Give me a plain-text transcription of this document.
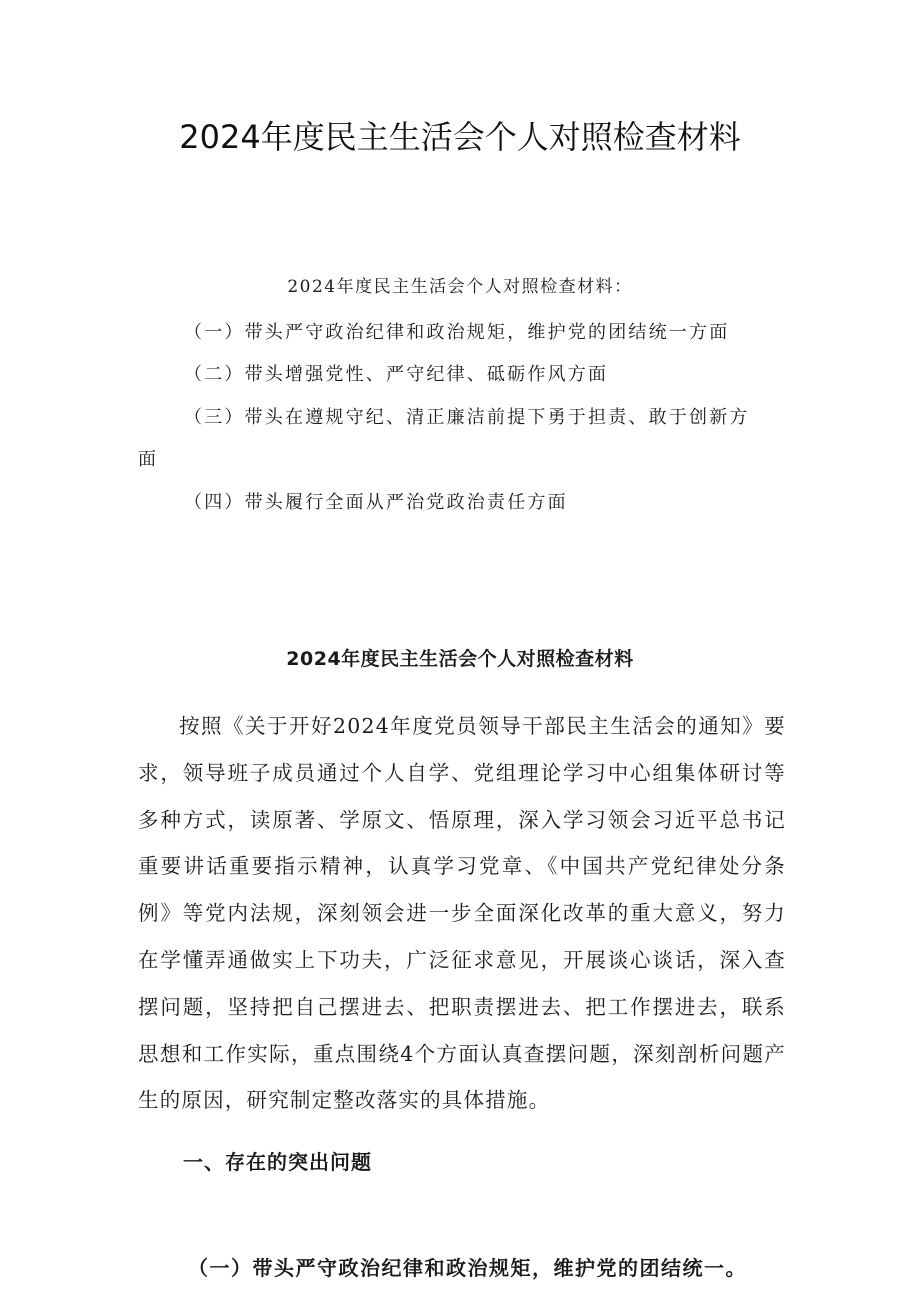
2024年度民主生活会个人对照检查材料
2024年度民主生活会个人对照检查材料：
（一）带头严守政治纪律和政治规矩，维护党的团结统一方面
（二）带头增强党性、严守纪律、砥砺作风方面
（三）带头在遵规守纪、清正廉洁前提下勇于担责、敢于创新方
面
（四）带头履行全面从严治党政治责任方面
2024年度民主生活会个人对照检查材料

按照《关于开好2024年度党员领导干部民主生活会的通知》要求，领导班子成员通过个人自学、党组理论学习中心组集体研讨等多种方式，读原著、学原文、悟原理，深入学习领会习近平总书记重要讲话重要指示精神，认真学习党章、《中国共产党纪律处分条例》等党内法规，深刻领会进一步全面深化改革的重大意义，努力在学懂弄通做实上下功夫，广泛征求意见，开展谈心谈话，深入查摆问题，坚持把自己摆进去、把职责摆进去、把工作摆进去，联系思想和工作实际，重点围绕4个方面认真查摆问题，深刻剖析问题产生的原因，研究制定整改落实的具体措施。

一、存在的突出问题
（一）带头严守政治纪律和政治规矩，维护党的团结统一。
